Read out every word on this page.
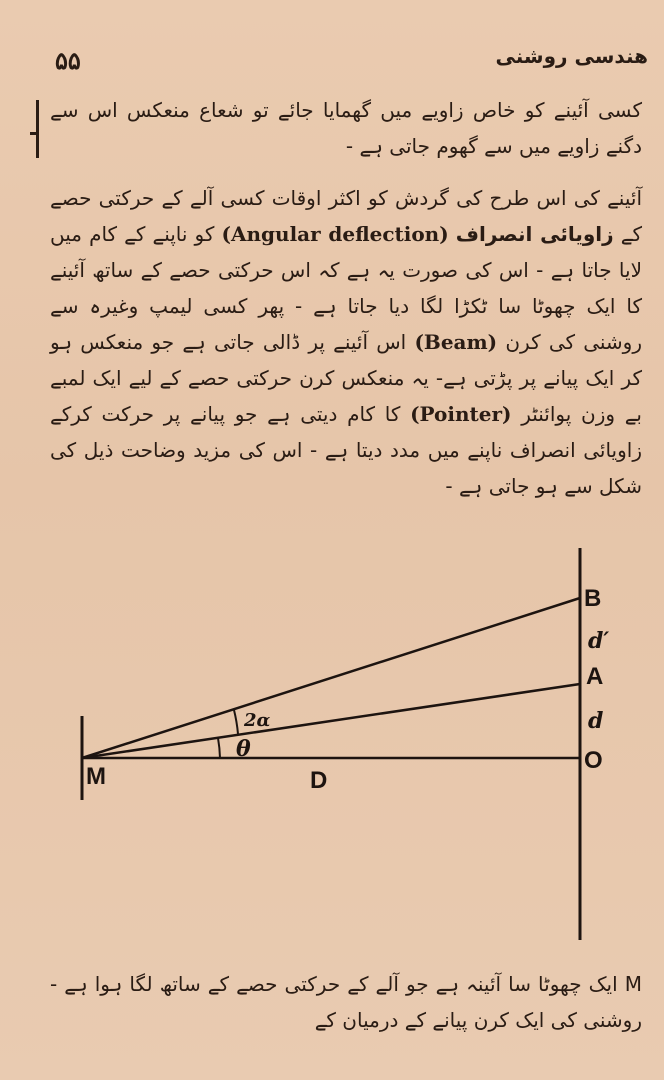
۵۵	هندسی روشنی

کسی آئینے کو خاص زاویے میں گھمایا جائے تو شعاع منعکس اس سے دگنے زاویے میں سے گھوم جاتی ہے -

آئینے کی اس طرح کی گردش کو اکثر اوقات کسی آلے کے حرکتی حصے کے زاویائی انصراف (Angular deflection) کو ناپنے کے کام میں لایا جاتا ہے - اس کی صورت یہ ہے کہ اس حرکتی حصے کے ساتھ آئینے کا ایک چھوٹا سا ٹکڑا لگا دیا جاتا ہے - پھر کسی لیمپ وغیرہ سے روشنی کی کرن (Beam) اس آئینے پر ڈالی جاتی ہے جو منعکس ہو کر ایک پیانے پر پڑتی ہے- یہ منعکس کرن حرکتی حصے کے لیے ایک لمبے بے وزن پوائنٹر (Pointer) کا کام دیتی ہے جو پیانے پر حرکت کرکے زاویائی انصراف ناپنے میں مدد دیتا ہے - اس کی مزید وضاحت ذیل کی شکل سے ہو جاتی ہے -

M	D
O
A
B
d
d′
θ
2α

M ایک چھوٹا سا آئینہ ہے جو آلے کے حرکتی حصے کے ساتھ لگا ہوا ہے - روشنی کی ایک کرن پیانے کے درمیان کے
